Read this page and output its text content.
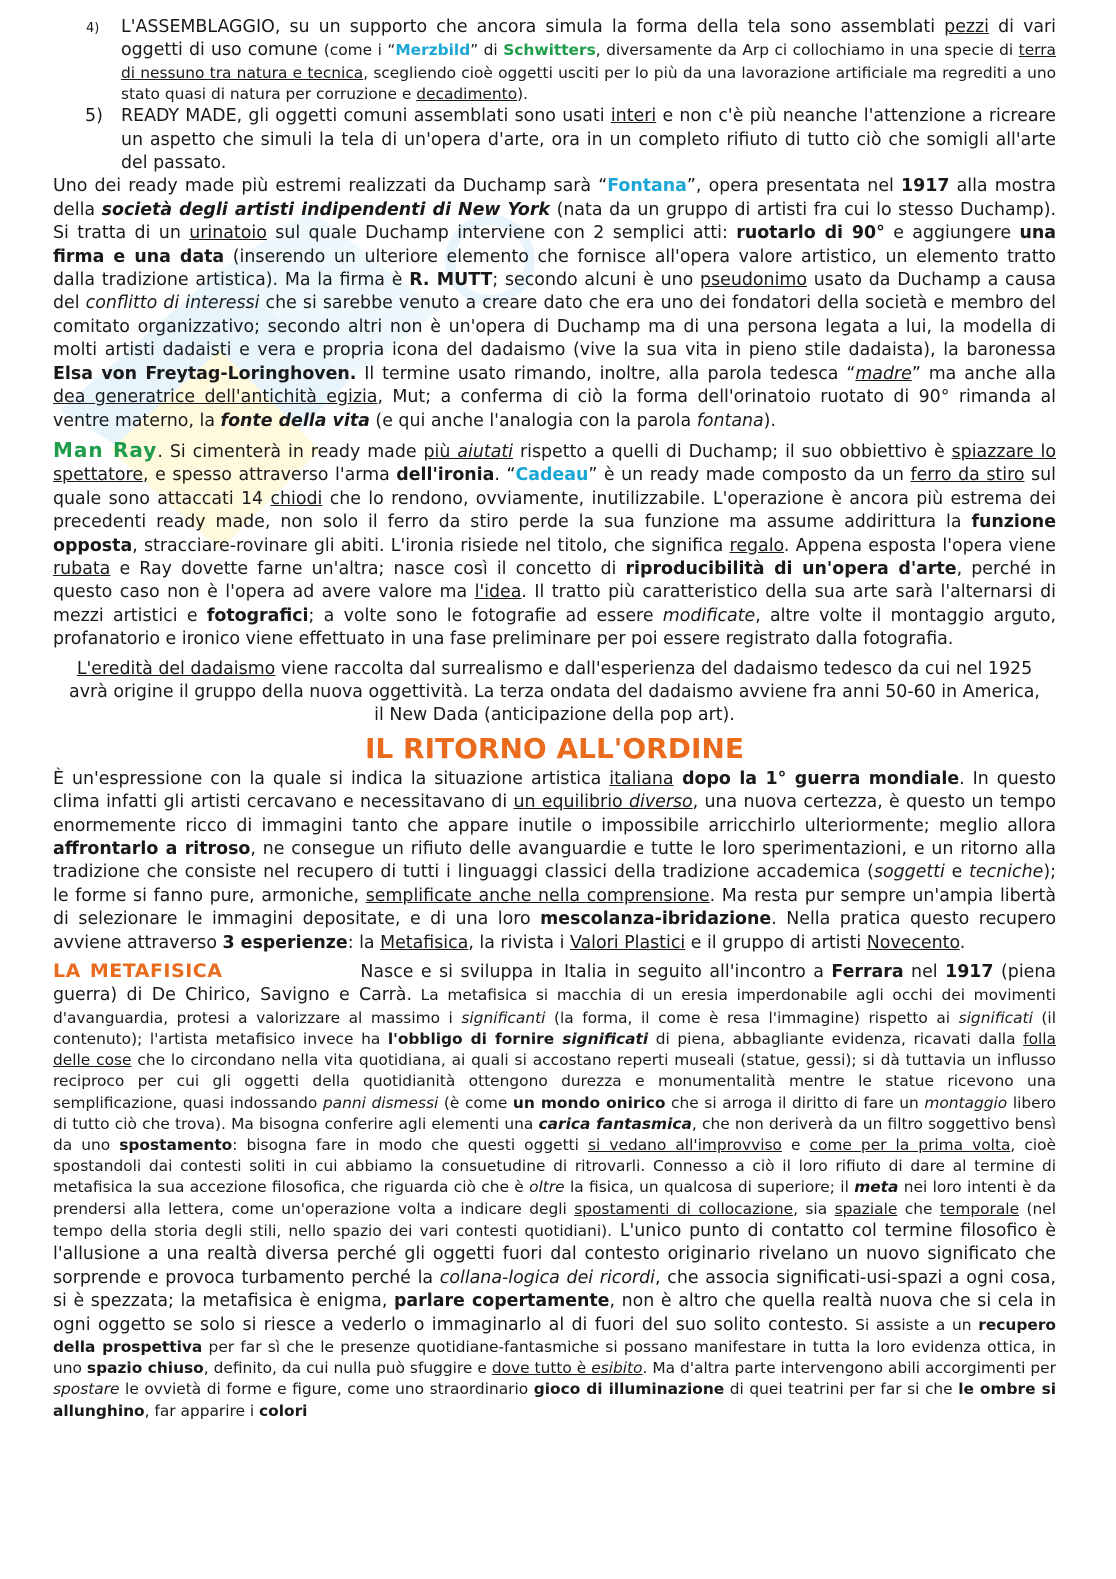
4) L'ASSEMBLAGGIO, su un supporto che ancora simula la forma della tela sono assemblati pezzi di vari oggetti di uso comune (come i “Merzbild” di Schwitters, diversamente da Arp ci collochiamo in una specie di terra di nessuno tra natura e tecnica, scegliendo cioè oggetti usciti per lo più da una lavorazione artificiale ma regrediti a uno stato quasi di natura per corruzione e decadimento).

5) READY MADE, gli oggetti comuni assemblati sono usati interi e non c'è più neanche l'attenzione a ricreare un aspetto che simuli la tela di un'opera d'arte, ora in un completo rifiuto di tutto ciò che somigli all'arte del passato.

Uno dei ready made più estremi realizzati da Duchamp sarà “Fontana”, opera presentata nel 1917 alla mostra della società degli artisti indipendenti di New York (nata da un gruppo di artisti fra cui lo stesso Duchamp). Si tratta di un urinatoio sul quale Duchamp interviene con 2 semplici atti: ruotarlo di 90° e aggiungere una firma e una data (inserendo un ulteriore elemento che fornisce all'opera valore artistico, un elemento tratto dalla tradizione artistica). Ma la firma è R. MUTT; secondo alcuni è uno pseudonimo usato da Duchamp a causa del conflitto di interessi che si sarebbe venuto a creare dato che era uno dei fondatori della società e membro del comitato organizzativo; secondo altri non è un'opera di Duchamp ma di una persona legata a lui, la modella di molti artisti dadaisti e vera e propria icona del dadaismo (vive la sua vita in pieno stile dadaista), la baronessa Elsa von Freytag-Loringhoven. Il termine usato rimando, inoltre, alla parola tedesca “madre” ma anche alla dea generatrice dell'antichità egizia, Mut; a conferma di ciò la forma dell'orinatoio ruotato di 90° rimanda al ventre materno, la fonte della vita (e qui anche l'analogia con la parola fontana).

Man Ray. Si cimenterà in ready made più aiutati rispetto a quelli di Duchamp; il suo obbiettivo è spiazzare lo spettatore, e spesso attraverso l'arma dell'ironia. “Cadeau” è un ready made composto da un ferro da stiro sul quale sono attaccati 14 chiodi che lo rendono, ovviamente, inutilizzabile. L'operazione è ancora più estrema dei precedenti ready made, non solo il ferro da stiro perde la sua funzione ma assume addirittura la funzione opposta, stracciare-rovinare gli abiti. L'ironia risiede nel titolo, che significa regalo. Appena esposta l'opera viene rubata e Ray dovette farne un'altra; nasce così il concetto di riproducibilità di un'opera d'arte, perché in questo caso non è l'opera ad avere valore ma l'idea. Il tratto più caratteristico della sua arte sarà l'alternarsi di mezzi artistici e fotografici; a volte sono le fotografie ad essere modificate, altre volte il montaggio arguto, profanatorio e ironico viene effettuato in una fase preliminare per poi essere registrato dalla fotografia.

L'eredità del dadaismo viene raccolta dal surrealismo e dall'esperienza del dadaismo tedesco da cui nel 1925 avrà origine il gruppo della nuova oggettività. La terza ondata del dadaismo avviene fra anni 50-60 in America, il New Dada (anticipazione della pop art).

IL RITORNO ALL'ORDINE

È un'espressione con la quale si indica la situazione artistica italiana dopo la 1° guerra mondiale. In questo clima infatti gli artisti cercavano e necessitavano di un equilibrio diverso, una nuova certezza, è questo un tempo enormemente ricco di immagini tanto che appare inutile o impossibile arricchirlo ulteriormente; meglio allora affrontarlo a ritroso, ne consegue un rifiuto delle avanguardie e tutte le loro sperimentazioni, e un ritorno alla tradizione che consiste nel recupero di tutti i linguaggi classici della tradizione accademica (soggetti e tecniche); le forme si fanno pure, armoniche, semplificate anche nella comprensione. Ma resta pur sempre un'ampia libertà di selezionare le immagini depositate, e di una loro mescolanza-ibridazione. Nella pratica questo recupero avviene attraverso 3 esperienze: la Metafisica, la rivista i Valori Plastici e il gruppo di artisti Novecento.

LA METAFISICA	Nasce e si sviluppa in Italia in seguito all'incontro a Ferrara nel 1917 (piena guerra) di De Chirico, Savigno e Carrà. La metafisica si macchia di un eresia imperdonabile agli occhi dei movimenti d'avanguardia, protesi a valorizzare al massimo i significanti (la forma, il come è resa l'immagine) rispetto ai significati (il contenuto); l'artista metafisico invece ha l'obbligo di fornire significati di piena, abbagliante evidenza, ricavati dalla folla delle cose che lo circondano nella vita quotidiana, ai quali si accostano reperti museali (statue, gessi); si dà tuttavia un influsso reciproco per cui gli oggetti della quotidianità ottengono durezza e monumentalità mentre le statue ricevono una semplificazione, quasi indossando panni dismessi (è come un mondo onirico che si arroga il diritto di fare un montaggio libero di tutto ciò che trova). Ma bisogna conferire agli elementi una carica fantasmica, che non deriverà da un filtro soggettivo bensì da uno spostamento: bisogna fare in modo che questi oggetti si vedano all'improvviso e come per la prima volta, cioè spostandoli dai contesti soliti in cui abbiamo la consuetudine di ritrovarli. Connesso a ciò il loro rifiuto di dare al termine di metafisica la sua accezione filosofica, che riguarda ciò che è oltre la fisica, un qualcosa di superiore; il meta nei loro intenti è da prendersi alla lettera, come un'operazione volta a indicare degli spostamenti di collocazione, sia spaziale che temporale (nel tempo della storia degli stili, nello spazio dei vari contesti quotidiani). L'unico punto di contatto col termine filosofico è l'allusione a una realtà diversa perché gli oggetti fuori dal contesto originario rivelano un nuovo significato che sorprende e provoca turbamento perché la collana-logica dei ricordi, che associa significati-usi-spazi a ogni cosa, si è spezzata; la metafisica è enigma, parlare copertamente, non è altro che quella realtà nuova che si cela in ogni oggetto se solo si riesce a vederlo o immaginarlo al di fuori del suo solito contesto. Si assiste a un recupero della prospettiva per far sì che le presenze quotidiane-fantasmiche si possano manifestare in tutta la loro evidenza ottica, in uno spazio chiuso, definito, da cui nulla può sfuggire e dove tutto è esibito. Ma d'altra parte intervengono abili accorgimenti per spostare le ovvietà di forme e figure, come uno straordinario gioco di illuminazione di quei teatrini per far si che le ombre si allunghino, far apparire i colori
